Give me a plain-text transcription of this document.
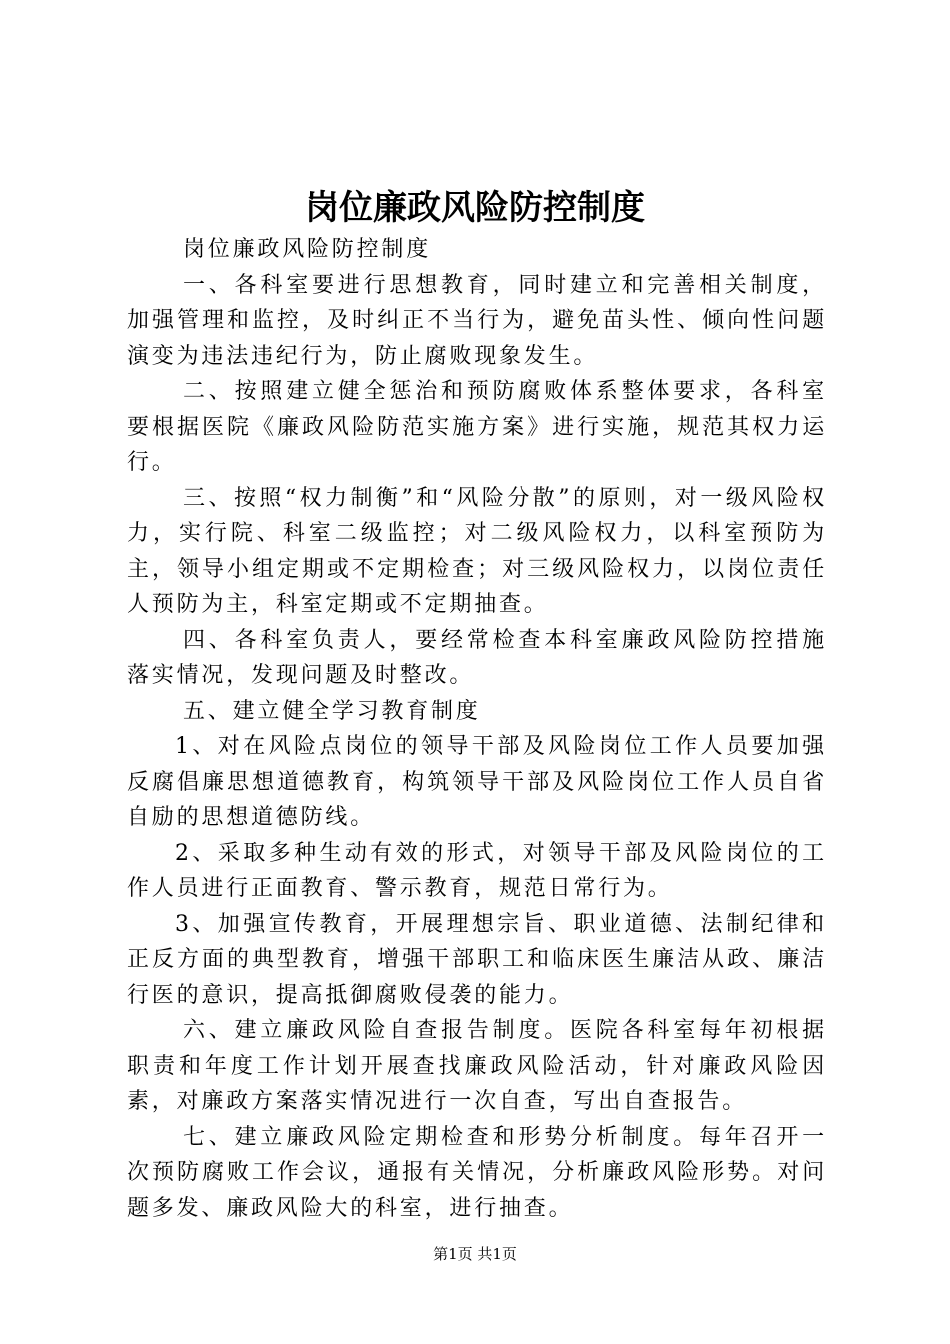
岗位廉政风险防控制度

岗位廉政风险防控制度

一、各科室要进行思想教育，同时建立和完善相关制度，加强管理和监控，及时纠正不当行为，避免苗头性、倾向性问题演变为违法违纪行为，防止腐败现象发生。

二、按照建立健全惩治和预防腐败体系整体要求，各科室要根据医院《廉政风险防范实施方案》进行实施，规范其权力运行。

三、按照“权力制衡”和“风险分散”的原则，对一级风险权力，实行院、科室二级监控；对二级风险权力，以科室预防为主，领导小组定期或不定期检查；对三级风险权力，以岗位责任人预防为主，科室定期或不定期抽查。

四、各科室负责人，要经常检查本科室廉政风险防控措施落实情况，发现问题及时整改。

五、建立健全学习教育制度

1、对在风险点岗位的领导干部及风险岗位工作人员要加强反腐倡廉思想道德教育，构筑领导干部及风险岗位工作人员自省自励的思想道德防线。

2、采取多种生动有效的形式，对领导干部及风险岗位的工作人员进行正面教育、警示教育，规范日常行为。

3、加强宣传教育，开展理想宗旨、职业道德、法制纪律和正反方面的典型教育，增强干部职工和临床医生廉洁从政、廉洁行医的意识，提高抵御腐败侵袭的能力。

六、建立廉政风险自查报告制度。医院各科室每年初根据职责和年度工作计划开展查找廉政风险活动，针对廉政风险因素，对廉政方案落实情况进行一次自查，写出自查报告。

七、建立廉政风险定期检查和形势分析制度。每年召开一次预防腐败工作会议，通报有关情况，分析廉政风险形势。对问题多发、廉政风险大的科室，进行抽查。

第1页 共1页
